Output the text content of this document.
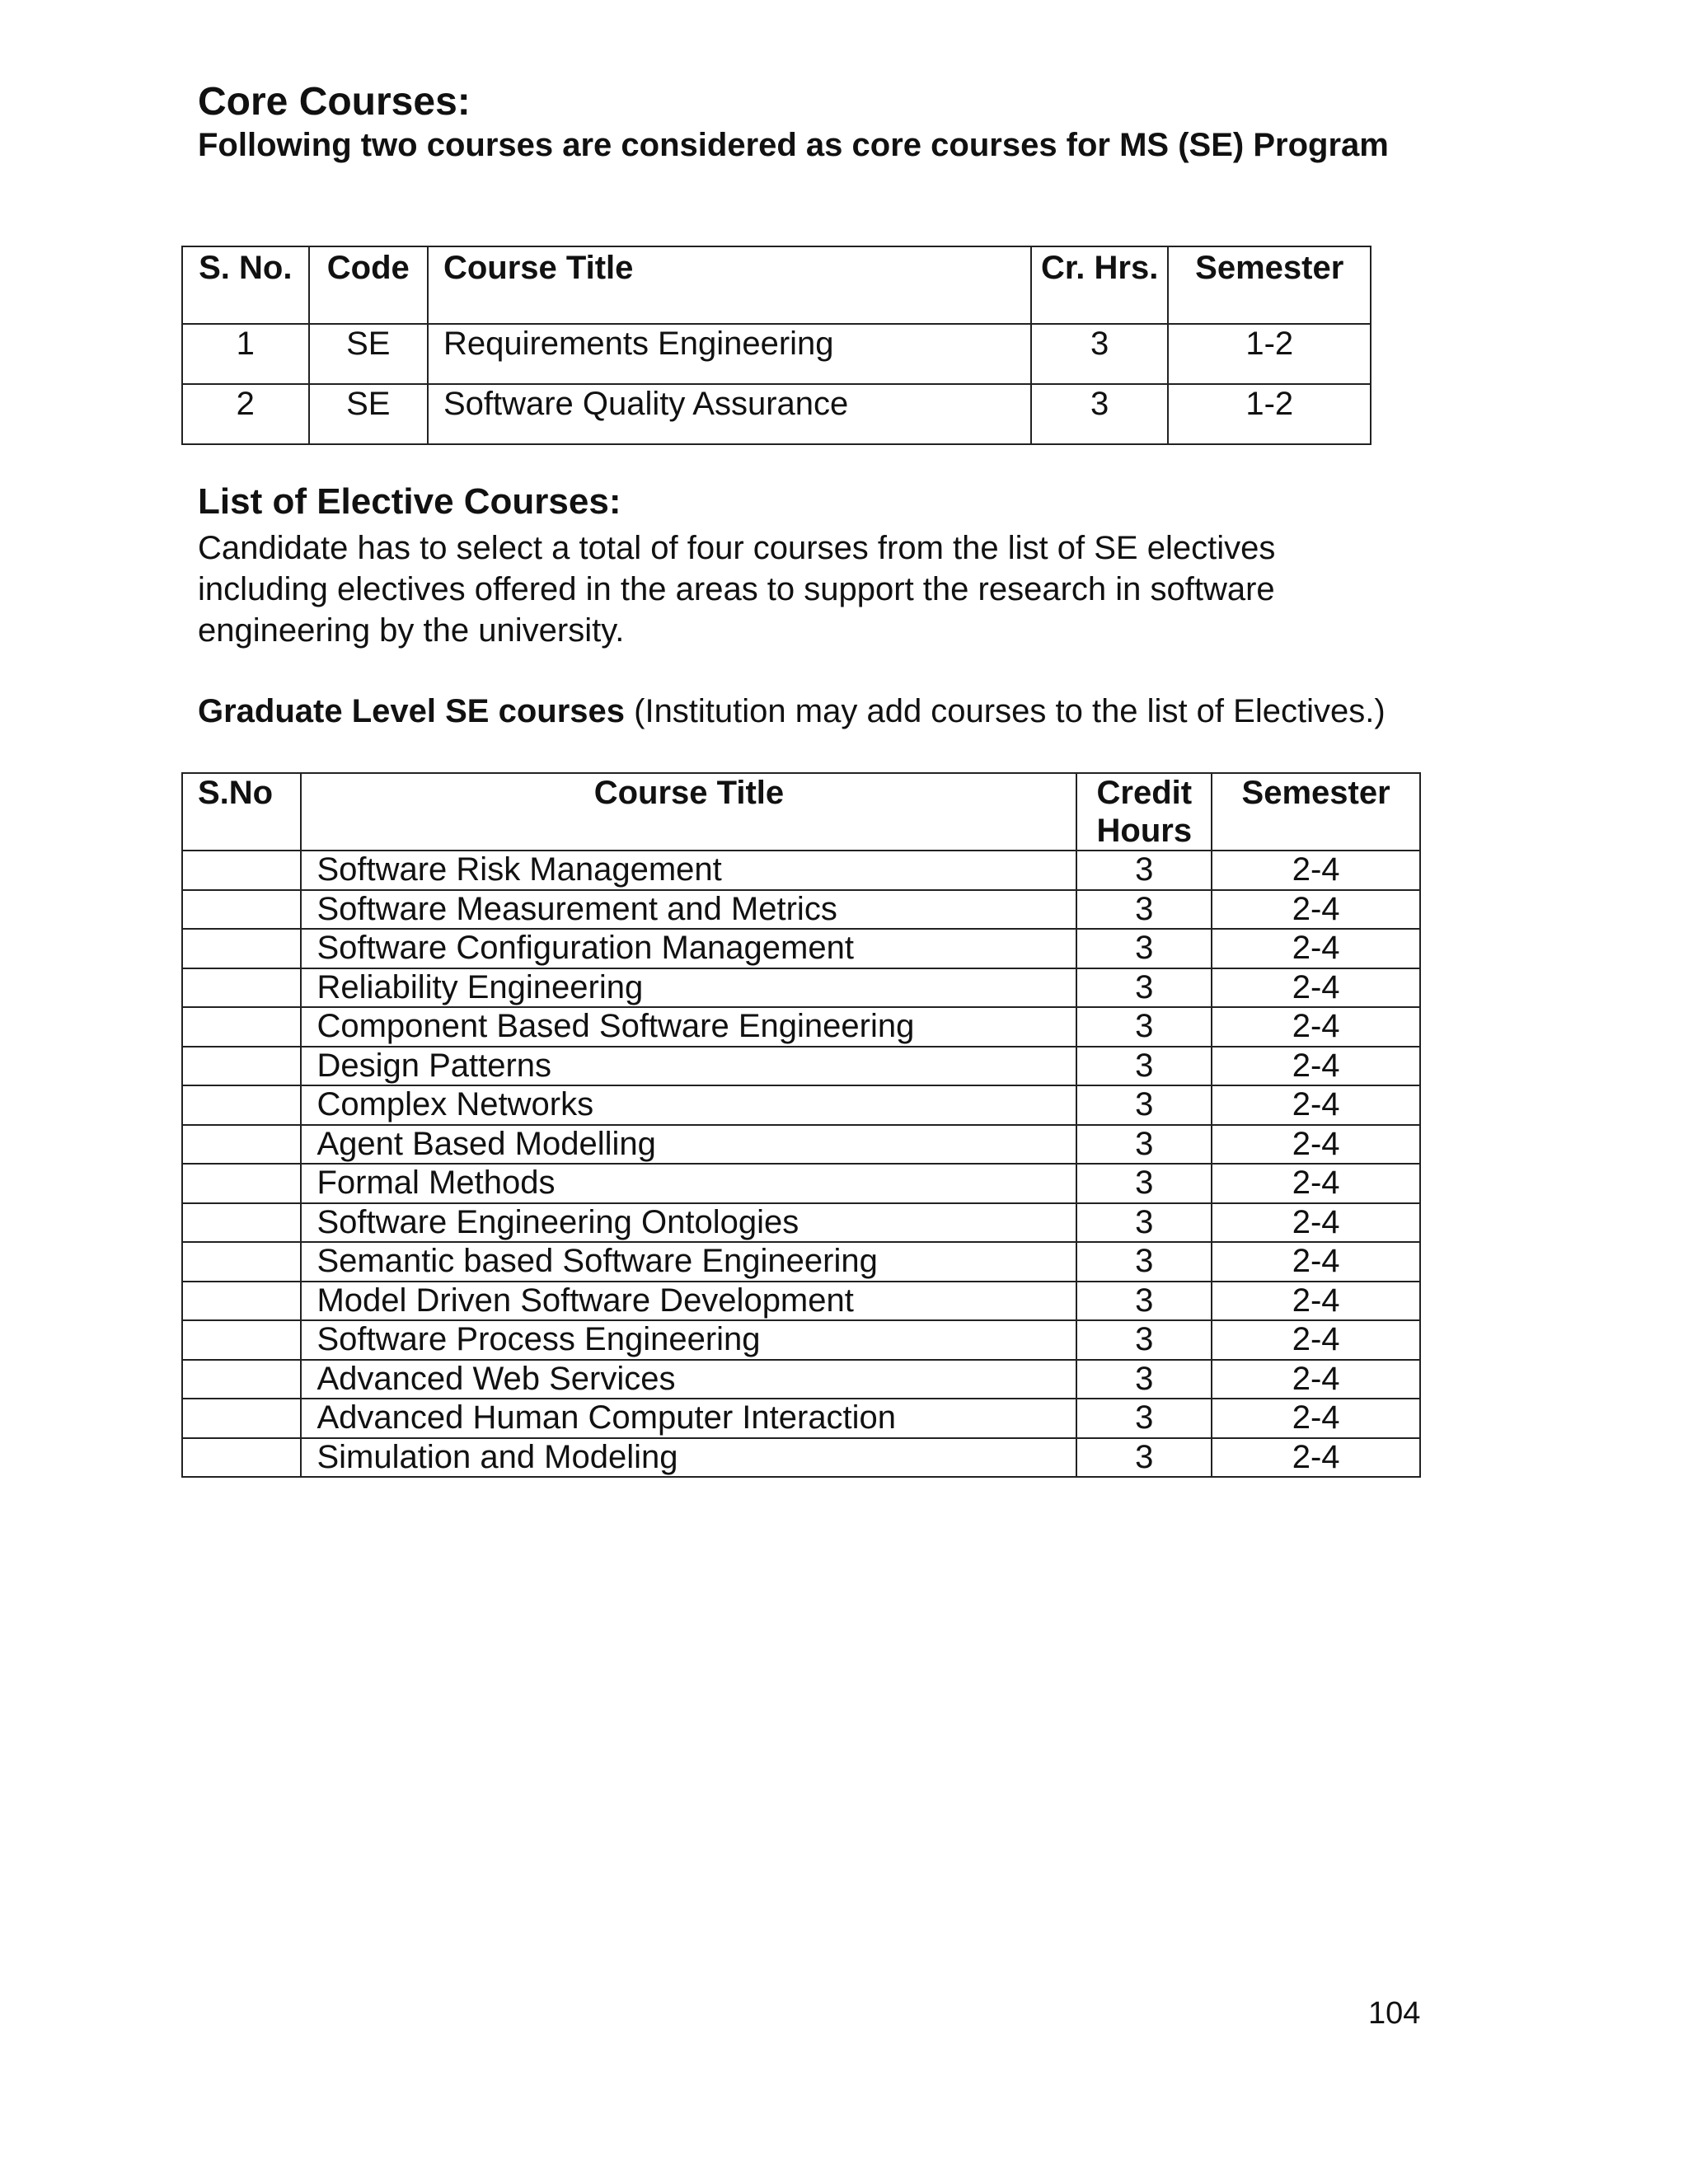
Core Courses:
Following two courses are considered as core courses for MS (SE) Program
S. No.	Code	Course Title	Cr. Hrs.	Semester
1	SE	Requirements Engineering	3	1-2
2	SE	Software Quality Assurance	3	1-2
List of Elective Courses:
Candidate has to select a total of four courses from the list of SE electives including electives offered in the areas to support the research in software engineering by the university.
Graduate Level SE courses (Institution may add courses to the list of Electives.)
S.No	Course Title	Credit Hours	Semester
	Software Risk Management	3	2-4
	Software Measurement and Metrics	3	2-4
	Software Configuration Management	3	2-4
	Reliability Engineering	3	2-4
	Component Based Software Engineering	3	2-4
	Design Patterns	3	2-4
	Complex Networks	3	2-4
	Agent Based Modelling	3	2-4
	Formal Methods	3	2-4
	Software Engineering Ontologies	3	2-4
	Semantic based Software Engineering	3	2-4
	Model Driven Software Development	3	2-4
	Software Process Engineering	3	2-4
	Advanced Web Services	3	2-4
	Advanced Human Computer Interaction	3	2-4
	Simulation and Modeling	3	2-4
104
